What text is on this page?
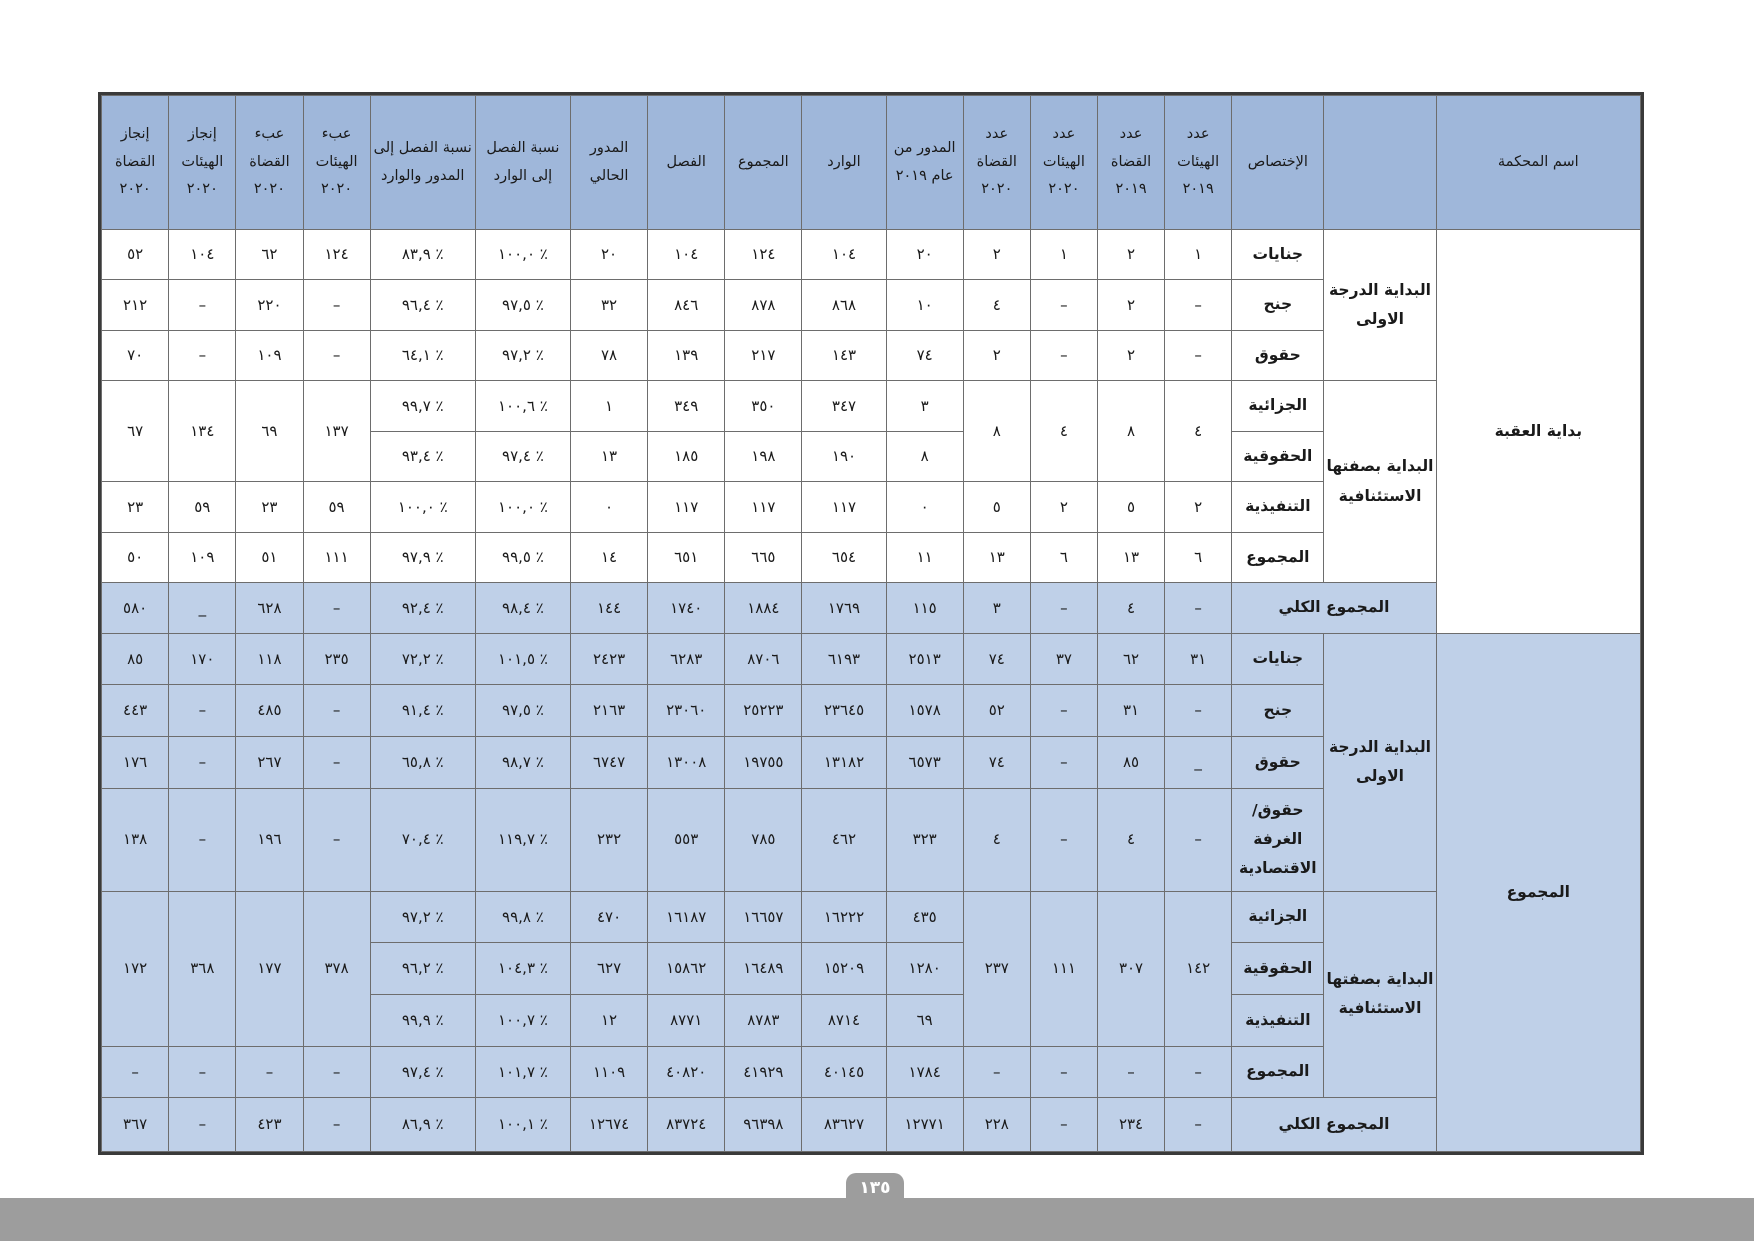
اسم المحكمة		الإختصاص	عدد الهيئات ٢٠١٩	عدد القضاة ٢٠١٩	عدد الهيئات ٢٠٢٠	عدد القضاة ٢٠٢٠	المدور من عام ٢٠١٩	الوارد	المجموع	الفصل	المدور الحالي	نسبة الفصل إلى الوارد	نسبة الفصل إلى المدور والوارد	عبء الهيئات ٢٠٢٠	عبء القضاة ٢٠٢٠	إنجاز الهيئات ٢٠٢٠	إنجاز القضاة ٢٠٢٠
بداية العقبة	البداية الدرجة الاولى	جنايات	١	٢	١	٢	٢٠	١٠٤	١٢٤	١٠٤	٢٠	٪ ١٠٠,٠	٪ ٨٣,٩	١٢٤	٦٢	١٠٤	٥٢
		جنح	–	٢	–	٤	١٠	٨٦٨	٨٧٨	٨٤٦	٣٢	٪ ٩٧,٥	٪ ٩٦,٤	–	٢٢٠	–	٢١٢
		حقوق	–	٢	–	٢	٧٤	١٤٣	٢١٧	١٣٩	٧٨	٪ ٩٧,٢	٪ ٦٤,١	–	١٠٩	–	٧٠
	البداية بصفتها الاستئنافية	الجزائية	٤	٨	٤	٨	٣	٣٤٧	٣٥٠	٣٤٩	١	٪ ١٠٠,٦	٪ ٩٩,٧	١٣٧	٦٩	١٣٤	٦٧
		الحقوقية					٨	١٩٠	١٩٨	١٨٥	١٣	٪ ٩٧,٤	٪ ٩٣,٤				
		التنفيذية	٢	٥	٢	٥	٠	١١٧	١١٧	١١٧	٠	٪ ١٠٠,٠	٪ ١٠٠,٠	٥٩	٢٣	٥٩	٢٣
		المجموع	٦	١٣	٦	١٣	١١	٦٥٤	٦٦٥	٦٥١	١٤	٪ ٩٩,٥	٪ ٩٧,٩	١١١	٥١	١٠٩	٥٠
	المجموع الكلي		–	٤	–	٣	١١٥	١٧٦٩	١٨٨٤	١٧٤٠	١٤٤	٪ ٩٨,٤	٪ ٩٢,٤	–	٦٢٨	_	٥٨٠
المجموع	البداية الدرجة الاولى	جنايات	٣١	٦٢	٣٧	٧٤	٢٥١٣	٦١٩٣	٨٧٠٦	٦٢٨٣	٢٤٢٣	٪ ١٠١,٥	٪ ٧٢,٢	٢٣٥	١١٨	١٧٠	٨٥
		جنح	–	٣١	–	٥٢	١٥٧٨	٢٣٦٤٥	٢٥٢٢٣	٢٣٠٦٠	٢١٦٣	٪ ٩٧,٥	٪ ٩١,٤	–	٤٨٥	–	٤٤٣
		حقوق	_	٨٥	–	٧٤	٦٥٧٣	١٣١٨٢	١٩٧٥٥	١٣٠٠٨	٦٧٤٧	٪ ٩٨,٧	٪ ٦٥,٨	–	٢٦٧	–	١٧٦
		حقوق/ الغرفة الاقتصادية	–	٤	–	٤	٣٢٣	٤٦٢	٧٨٥	٥٥٣	٢٣٢	٪ ١١٩,٧	٪ ٧٠,٤	–	١٩٦	–	١٣٨
	البداية بصفتها الاستئنافية	الجزائية	١٤٢	٣٠٧	١١١	٢٣٧	٤٣٥	١٦٢٢٢	١٦٦٥٧	١٦١٨٧	٤٧٠	٪ ٩٩,٨	٪ ٩٧,٢	٣٧٨	١٧٧	٣٦٨	١٧٢
		الحقوقية					١٢٨٠	١٥٢٠٩	١٦٤٨٩	١٥٨٦٢	٦٢٧	٪ ١٠٤,٣	٪ ٩٦,٢				
		التنفيذية					٦٩	٨٧١٤	٨٧٨٣	٨٧٧١	١٢	٪ ١٠٠,٧	٪ ٩٩,٩				
		المجموع	–	–	–	–	١٧٨٤	٤٠١٤٥	٤١٩٢٩	٤٠٨٢٠	١١٠٩	٪ ١٠١,٧	٪ ٩٧,٤	–	–	–	–
	المجموع الكلي		–	٢٣٤	–	٢٢٨	١٢٧٧١	٨٣٦٢٧	٩٦٣٩٨	٨٣٧٢٤	١٢٦٧٤	٪ ١٠٠,١	٪ ٨٦,٩	–	٤٢٣	–	٣٦٧
١٣٥
